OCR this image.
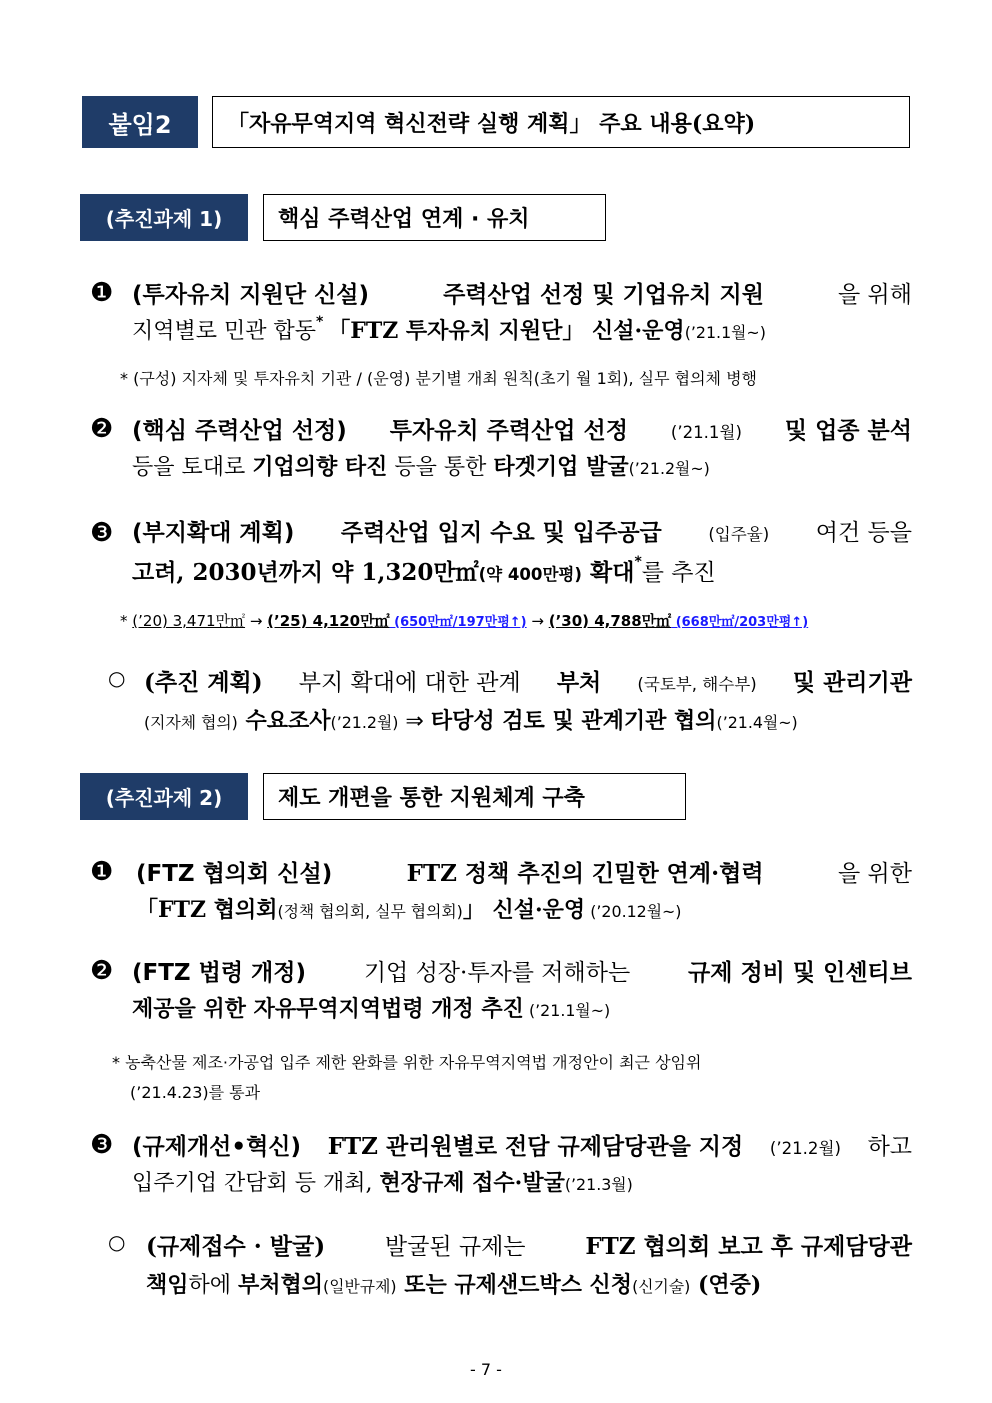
붙임2	「자유무역지역 혁신전략 실행 계획」 주요 내용(요약)
(추진과제 1)	핵심 주력산업 연계 · 유치
❶ (투자유치 지원단 신설)	주력산업 선정 및 기업유치 지원	을 위해
지역별로 민관 합동* 「FTZ 투자유치 지원단」 신설·운영(’21.1월~)
* (구성) 지자체 및 투자유치 기관 / (운영) 분기별 개최 원칙(초기 월 1회), 실무 협의체 병행
❷ (핵심 주력산업 선정) 투자유치 주력산업 선정	(’21.1월) 및 업종 분석
등을 토대로 기업의향 타진 등을 통한 타겟기업 발굴(’21.2월~)
❸ (부지확대 계획) 주력산업 입지 수요 및 입주공급	(입주율) 여건 등을
고려, 2030년까지 약 1,320만㎡(약 400만평) 확대*를 추진
* (’20) 3,471만㎡ → (’25) 4,120만㎡ (650만㎡/197만평↑) → (’30) 4,788만㎡ (668만㎡/203만평↑)
○ (추진 계획) 부지 확대에 대한 관계 부처 (국토부, 해수부) 및 관리기관
(지자체 협의) 수요조사(’21.2월) ⇒ 타당성 검토 및 관계기관 협의(’21.4월~)
(추진과제 2)	제도 개편을 통한 지원체계 구축
❶ (FTZ 협의회 신설)	FTZ 정책 추진의 긴밀한 연계·협력	을 위한
「FTZ 협의회(정책 협의회, 실무 협의회)」 신설·운영 (’20.12월~)
❷ (FTZ 법령 개정)	기업 성장·투자를 저해하는	규제 정비 및 인센티브
제공을 위한 자유무역지역법령 개정 추진 (’21.1월~)
* 농축산물 제조·가공업 입주 제한 완화를 위한 자유무역지역법 개정안이 최근 상임위
(’21.4.23)를 통과
❸ (규제개선•혁신) FTZ 관리원별로 전담 규제담당관을 지정 (’21.2월) 하고
입주기업 간담회 등 개최, 현장규제 접수·발굴(’21.3월)
○ (규제접수 · 발굴)	발굴된 규제는	FTZ 협의회 보고 후 규제담당관
책임하에 부처협의(일반규제) 또는 규제샌드박스 신청(신기술) (연중)
- 7 -
